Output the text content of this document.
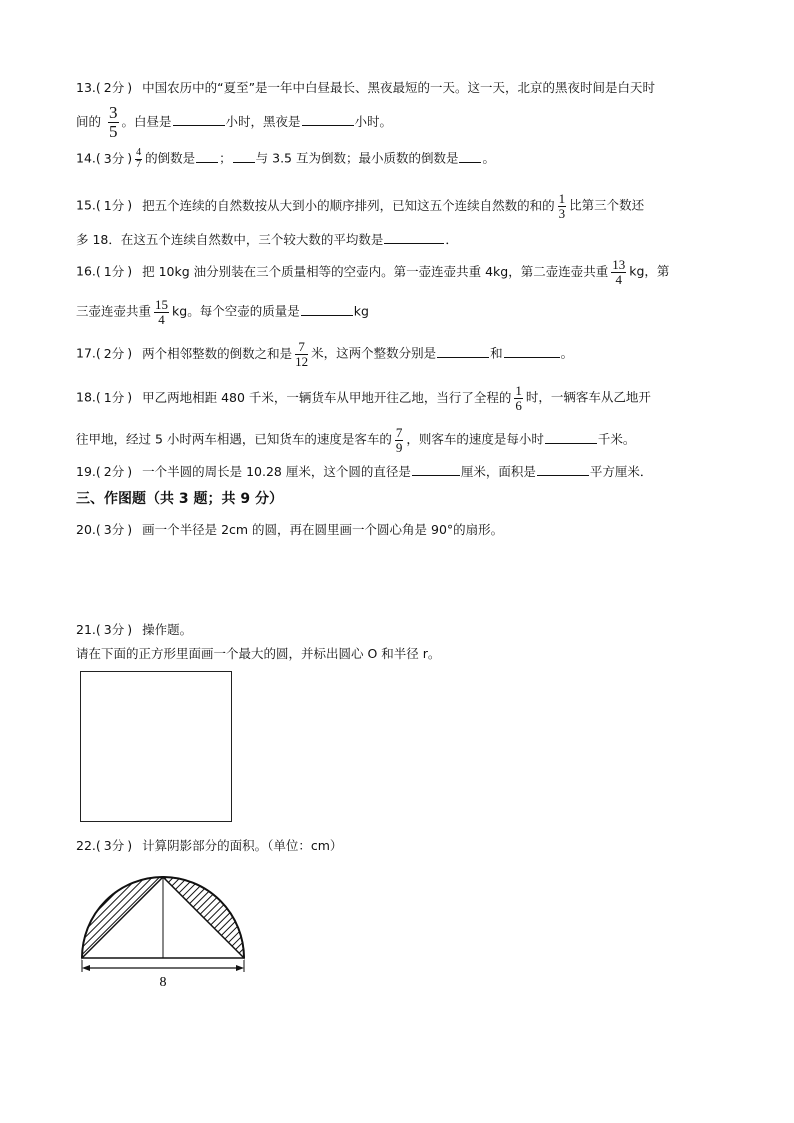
13.( 2分 ) 中国农历中的“夏至”是一年中白昼最长、黑夜最短的一天。这一天，北京的黑夜时间是白天时
间的 $\frac{3}{5}$ 。白昼是	小时，黑夜是	小时。
14.( 3分 ) $\frac{4}{7}$ 的倒数是 ； 与 3.5 互为倒数；最小质数的倒数是 。
15.( 1分 ) 把五个连续的自然数按从大到小的顺序排列，已知这五个连续自然数的和的 $\frac{1}{3}$ 比第三个数还
多 18．在这五个连续自然数中，三个较大数的平均数是	．
16.( 1分 ) 把 10kg 油分别装在三个质量相等的空壶内。第一壶连壶共重 4kg，第二壶连壶共重 $\frac{13}{4}$ kg，第
三壶连壶共重 $\frac{15}{4}$ kg。每个空壶的质量是	kg
17.( 2分 ) 两个相邻整数的倒数之和是 $\frac{7}{12}$ 米，这两个整数分别是	和	。
18.( 1分 ) 甲乙两地相距 480 千米，一辆货车从甲地开往乙地，当行了全程的 $\frac{1}{6}$ 时，一辆客车从乙地开
往甲地，经过 5 小时两车相遇，已知货车的速度是客车的 $\frac{7}{9}$ ，则客车的速度是每小时	千米。
19.( 2分 ) 一个半圆的周长是 10.28 厘米，这个圆的直径是	厘米，面积是	平方厘米．
三、作图题（共 3 题；共 9 分）
20.( 3分 ) 画一个半径是 2cm 的圆，再在圆里画一个圆心角是 90°的扇形。
21.( 3分 ) 操作题。
请在下面的正方形里面画一个最大的圆，并标出圆心 O 和半径 r。
22.( 3分 ) 计算阴影部分的面积。（单位：cm）
8
